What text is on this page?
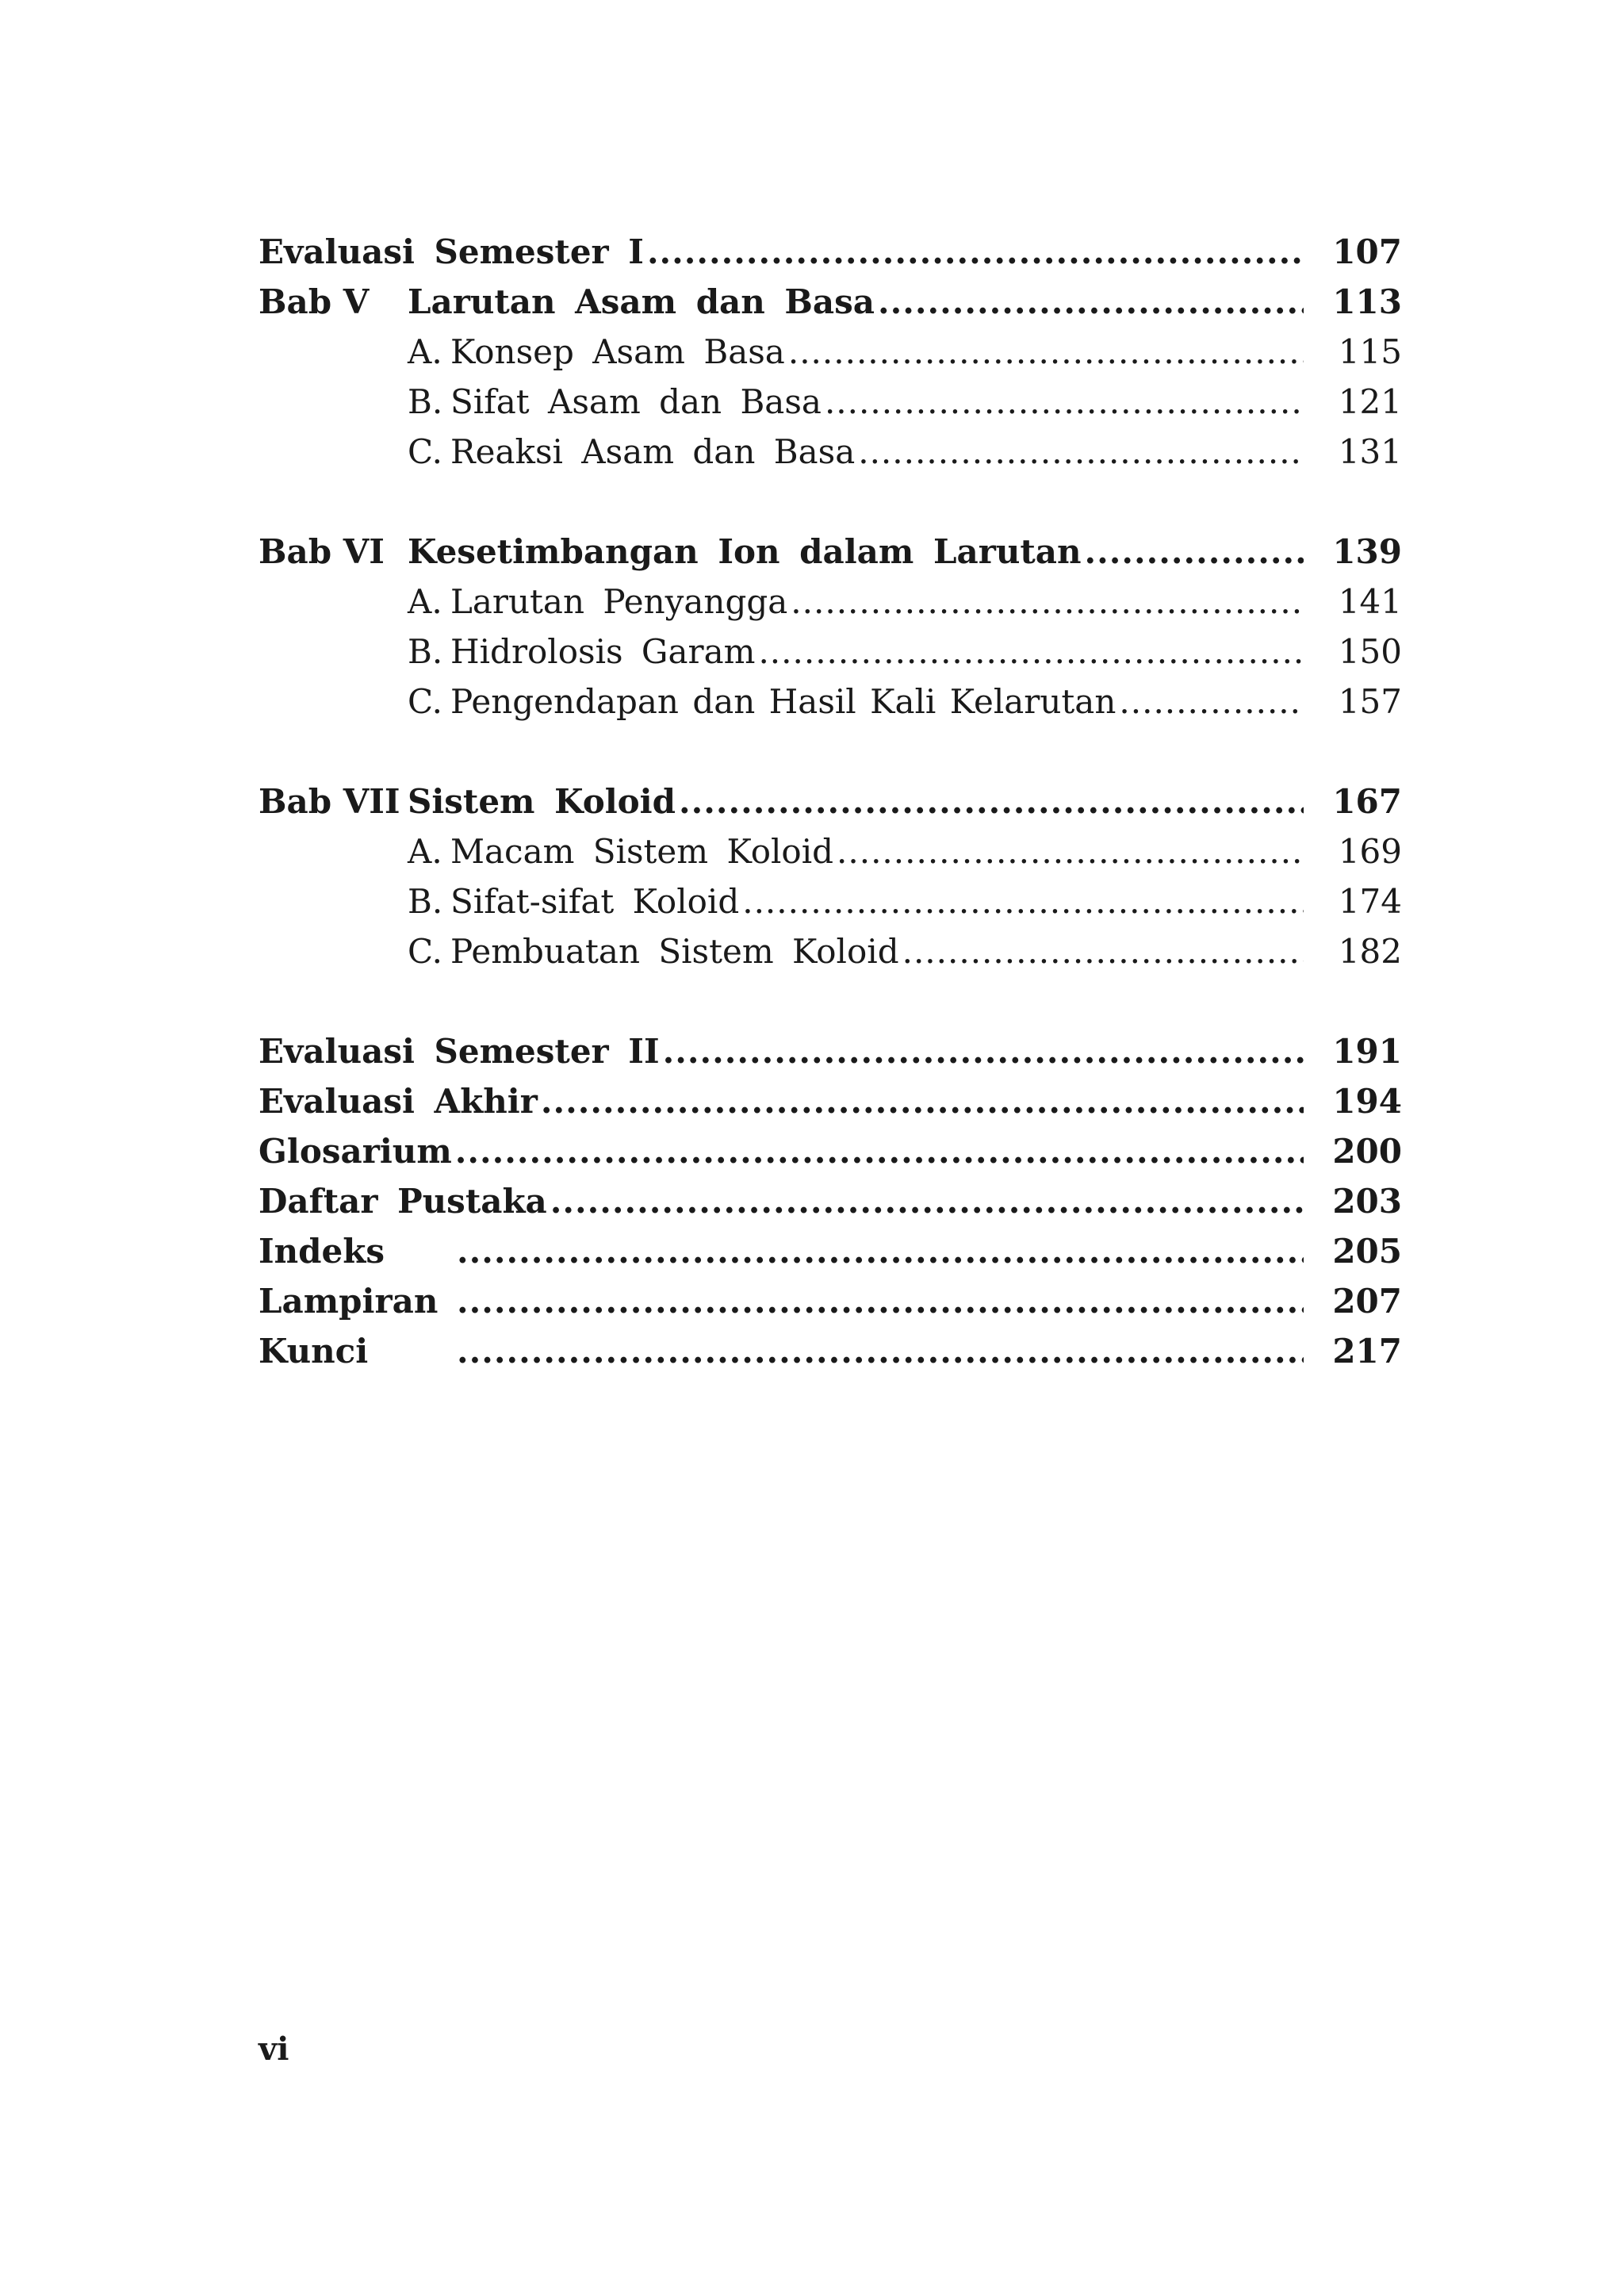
Evaluasi Semester I .....	107
Bab V	Larutan Asam dan Basa .....	113
A. Konsep Asam Basa .....	115
B. Sifat Asam dan Basa .....	121
C. Reaksi Asam dan Basa .....	131
Bab VI Kesetimbangan Ion dalam Larutan .....	139
A. Larutan Penyangga .....	141
B. Hidrolosis Garam .....	150
C. Pengendapan dan Hasil Kali Kelarutan .....	157
Bab VII Sistem Koloid .....	167
A. Macam Sistem Koloid .....	169
B. Sifat-sifat Koloid .....	174
C. Pembuatan Sistem Koloid .....	182
Evaluasi Semester II .....	191
Evaluasi Akhir .....	194
Glosarium .....	200
Daftar Pustaka .....	203
Indeks .....	205
Lampiran .....	207
Kunci .....	217
vi
